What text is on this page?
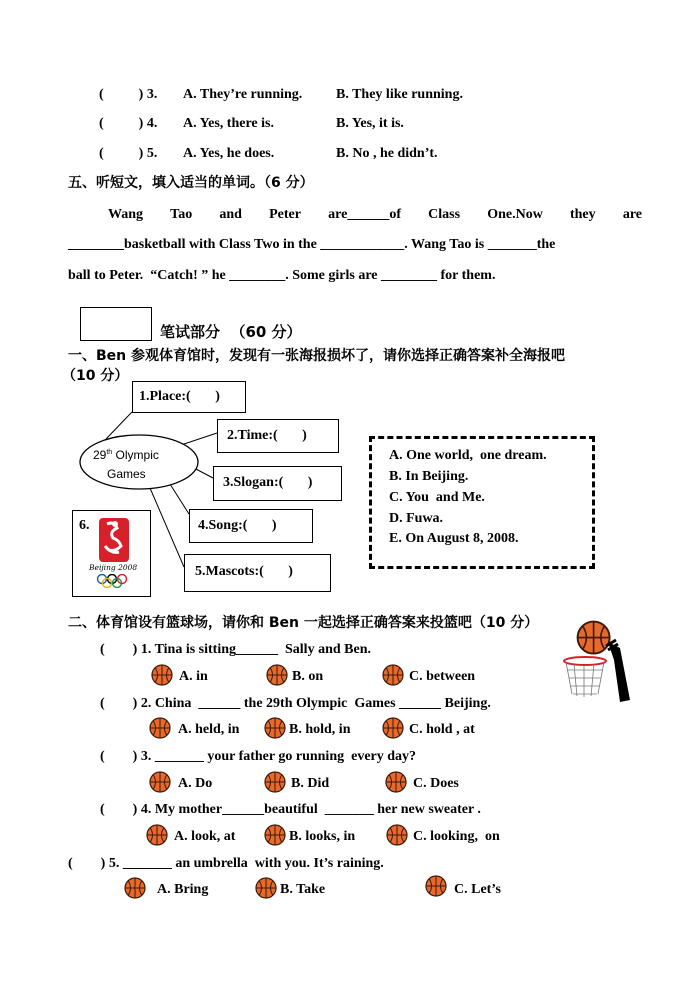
(          ) 3. A. They’re running. B. They like running.
(          ) 4. A. Yes, there is.	B. Yes, it is.
(          ) 5. A. Yes, he does.	B. No , he didn’t.
五、听短文，填入适当的单词。（6 分）
Wang Tao and Peter are______of Class One.Now they are
________basketball with Class Two in the ____________. Wang Tao is _______the
ball to Peter.  “Catch! ” he ________. Some girls are ________ for them.
笔试部分  （60 分）
一、Ben 参观体育馆时，发现有一张海报损坏了，请你选择正确答案补全海报吧
（10 分）
29th Olympic
Games
1.Place:(       )
2.Time:(       )
3.Slogan:(       )
4.Song:(       )
5.Mascots:(       )
6.
Beijing 2008
A. One world,  one dream.
B. In Beijing.
C. You  and Me.
D. Fuwa.
E. On August 8, 2008.
二、体育馆设有篮球场，请你和 Ben 一起选择正确答案来投篮吧（10 分）
(        ) 1. Tina is sitting______  Sally and Ben.
A. in	B. on	C. between
(        ) 2. China  ______ the 29th Olympic  Games ______ Beijing.
A. held, in	B. hold, in	C. hold , at
(        ) 3. _______ your father go running  every day?
A. Do	B. Did	C. Does
(        ) 4. My mother______beautiful  _______ her new sweater .
A. look, at	B. looks, in	C. looking,  on
(        ) 5. _______ an umbrella  with you. It’s raining.
A. Bring	B. Take	C. Let’s
